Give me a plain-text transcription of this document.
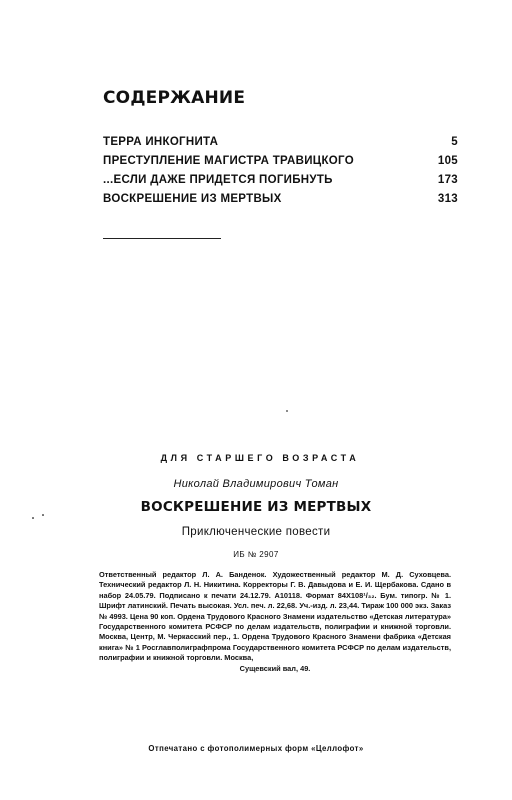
СОДЕРЖАНИЕ
ТЕРРА ИНКОГНИТА	5
ПРЕСТУПЛЕНИЕ МАГИСТРА ТРАВИЦКОГО	105
...ЕСЛИ ДАЖЕ ПРИДЕТСЯ ПОГИБНУТЬ	173
ВОСКРЕШЕНИЕ ИЗ МЕРТВЫХ	313
ДЛЯ СТАРШЕГО ВОЗРАСТА
Николай Владимирович Томан
ВОСКРЕШЕНИЕ ИЗ МЕРТВЫХ
Приключенческие повести
ИБ № 2907

Ответственный редактор Л. А. Банденок. Художественный редактор М. Д. Суховцева. Технический редактор Л. Н. Никитина. Корректоры Г. В. Давыдова и Е. И. Щербакова. Сдано в набор 24.05.79. Подписано к печати 24.12.79. А10118. Формат 84Х108¹/₃₂. Бум. типогр. № 1. Шрифт латинский. Печать высокая. Усл. печ. л. 22,68. Уч.-изд. л. 23,44. Тираж 100 000 экз. Заказ № 4993. Цена 90 коп. Ордена Трудового Красного Знамени издательство «Детская литература» Государственного комитета РСФСР по делам издательств, полиграфии и книжной торговли. Москва, Центр, М. Черкасский пер., 1. Ордена Трудового Красного Знамени фабрика «Детская книга» № 1 Росглавполиграфпрома Государственного комитета РСФСР по делам издательств, полиграфии и книжной торговли. Москва,
Сущевский вал, 49.

Отпечатано с фотополимерных форм «Целлофот»
